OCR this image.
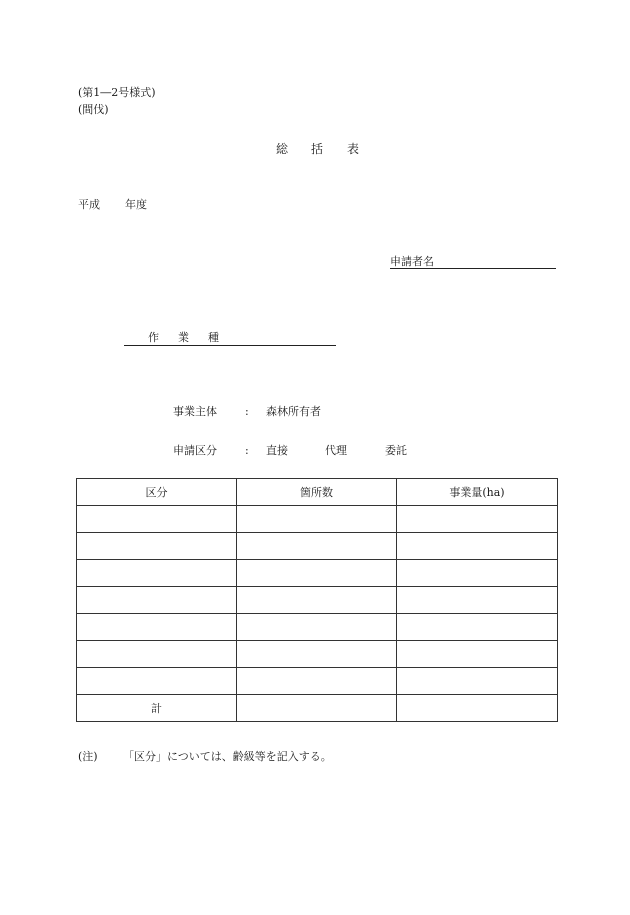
(第1―2号様式)
(間伐)
総 括 表
平成 年度
申請者名
作 業 種
事業主体	: 森林所有者
申請区分	: 直接	代理	委託
区分	箇所数	事業量(ha)

計		
(注) 「区分」については、齢級等を記入する。
